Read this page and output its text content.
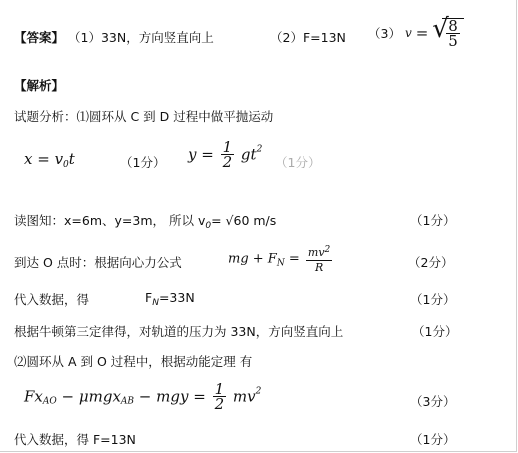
【答案】 （1）33N，方向竖直向上	（2）F=13N （3） v = √
$\frac{8}{5}$
【解析】
试题分析：⑴圆环从 C 到 D 过程中做平抛运动
$x = v_0t$	（1分） $y = \frac{1}{2} gt^2$
（1分）
读图知：x=6m、y=3m， 所以 $v_0= √60$ m/s	（1分）
到达 O 点时：根据向心力公式	mg + $F_N = \frac{mv^2}{R}$	（2分）
代入数据，得	$F_N=33N$	（1分）
根据牛顿第三定律得，对轨道的压力为 33N，方向竖直向上	（1分）
⑵圆环从 A 到 O 过程中，根据动能定理 有
$Fx_{AO} - \mu mgx_{AB}$ − mgy = $\frac{1}{2} mv^2$
（3分）
代入数据，得 F=13N	（1分）
